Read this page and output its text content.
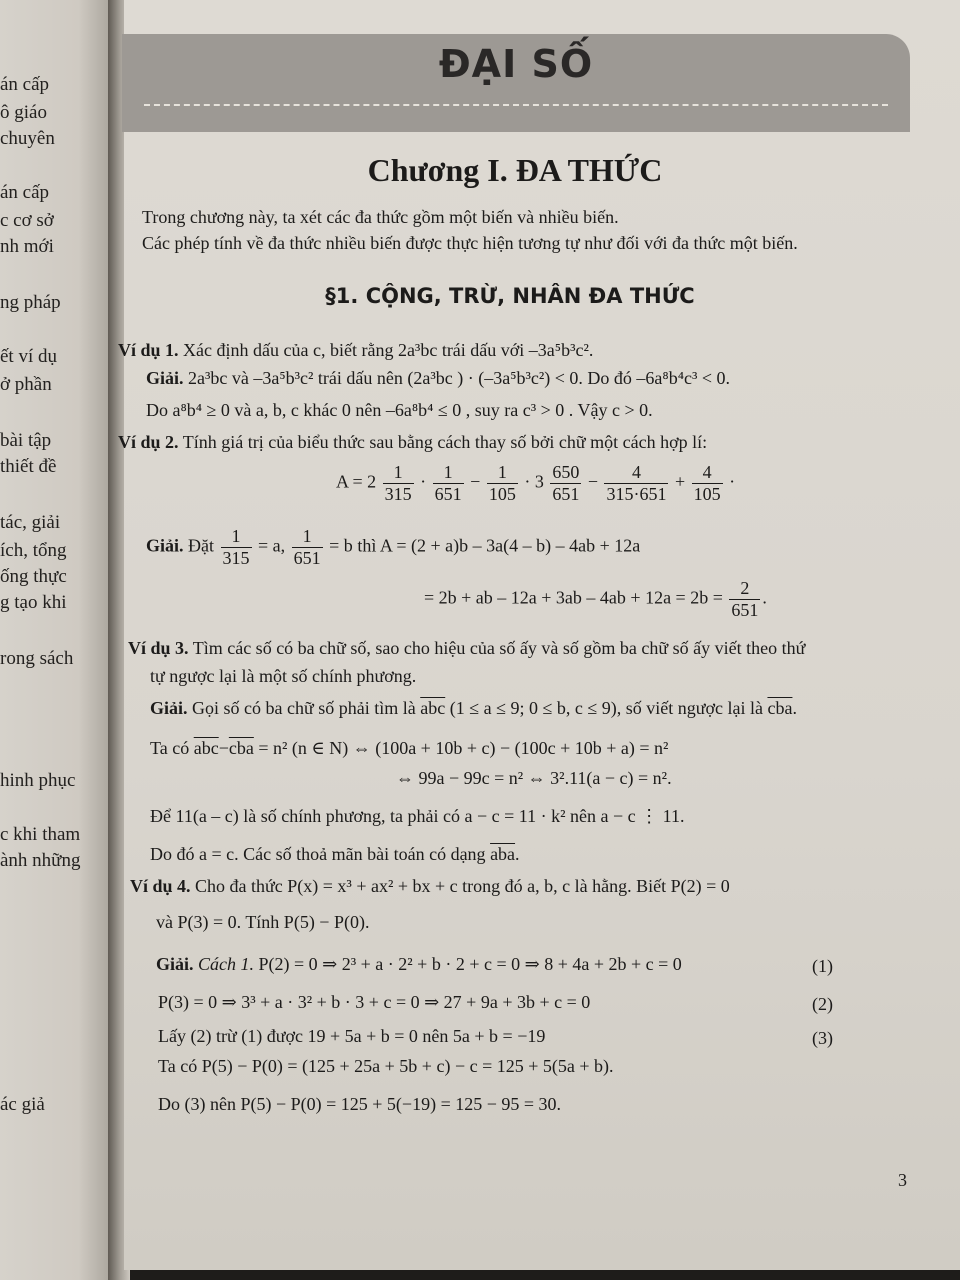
án cấp
ô giáo
chuyên
án cấp
c cơ sở
nh mới
ng pháp
ết ví dụ
ở phần
bài tập
thiết đề
tác, giải
ích, tổng
ống thực
g tạo khi
rong sách
hinh phục
c khi tham
ành những
ác giả
ĐẠI SỐ
Chương I. ĐA THỨC
Trong chương này, ta xét các đa thức gồm một biến và nhiều biến.
Các phép tính về đa thức nhiều biến được thực hiện tương tự như đối với đa thức một biến.
§1. CỘNG, TRỪ, NHÂN ĐA THỨC
Ví dụ 1. Xác định dấu của c, biết rằng 2a³bc trái dấu với –3a⁵b³c².
Giải. 2a³bc và –3a⁵b³c² trái dấu nên (2a³bc ) · (–3a⁵b³c²) < 0. Do đó –6a⁸b⁴c³ < 0.
Do a⁸b⁴ ≥ 0 và a, b, c khác 0 nên –6a⁸b⁴ ≤ 0 , suy ra c³ > 0 . Vậy c > 0.
Ví dụ 2. Tính giá trị của biểu thức sau bằng cách thay số bởi chữ một cách hợp lí:
$A = 2 \frac{1}{315} \cdot \frac{1}{651} - \frac{1}{105} \cdot 3 \frac{650}{651} - \frac{4}{315\cdot 651} + \frac{4}{105}$ ·
Giải. Đặt $\frac{1}{315} = a$, $\frac{1}{651} = b$ thì A = (2 + a)b – 3a(4 – b) – 4ab + 12a
= 2b + ab – $12a + 3ab - 4ab + 12a = 2b = \frac{2}{651}$ .
Ví dụ 3. Tìm các số có ba chữ số, sao cho hiệu của số ấy và số gồm ba chữ số ấy viết theo thứ
tự ngược lại là một số chính phương.
Giải. Gọi số có ba chữ số phải tìm là $\overline{abc}$ (1 ≤ a ≤ 9; 0 ≤ b, c ≤ 9), số viết ngược lại là $\overline{cba}$.
Ta có $\overline{abc}-\overline{cba} = n^2$ (n ∈ N) ⇔ (100a + 10b + c) − (100c + 10b + a) = n²
⇔ 99a − 99c = n² ⇔ 3².11(a − c) = n².
Để 11(a – c) là số chính phương, ta phải có a − c = 11 · k² nên a − c ⋮ 11.
Do đó a = c. Các số thoả mãn bài toán có dạng $\overline{aba}$.
Ví dụ 4. Cho đa thức P(x) = x³ + ax² + bx + c trong đó a, b, c là hằng. Biết P(2) = 0
và P(3) = 0. Tính P(5) − P(0).
Giải. Cách 1. P(2) = 0 ⇒ 2³ + a · 2² + b · 2 + c = 0 ⇒ 8 + 4a + 2b + c = 0	(1)
P(3) = 0 ⇒ 3³ + a · 3² + b · 3 + c = 0 ⇒ 27 + 9a + 3b + c = 0	(2)
Lấy (2) trừ (1) được 19 + 5a + b = 0 nên 5a + b = −19	(3)
Ta có P(5) − P(0) = (125 + 25a + 5b + c) − c = 125 + 5(5a + b).
Do (3) nên P(5) − P(0) = 125 + 5(−19) = 125 − 95 = 30.
3
